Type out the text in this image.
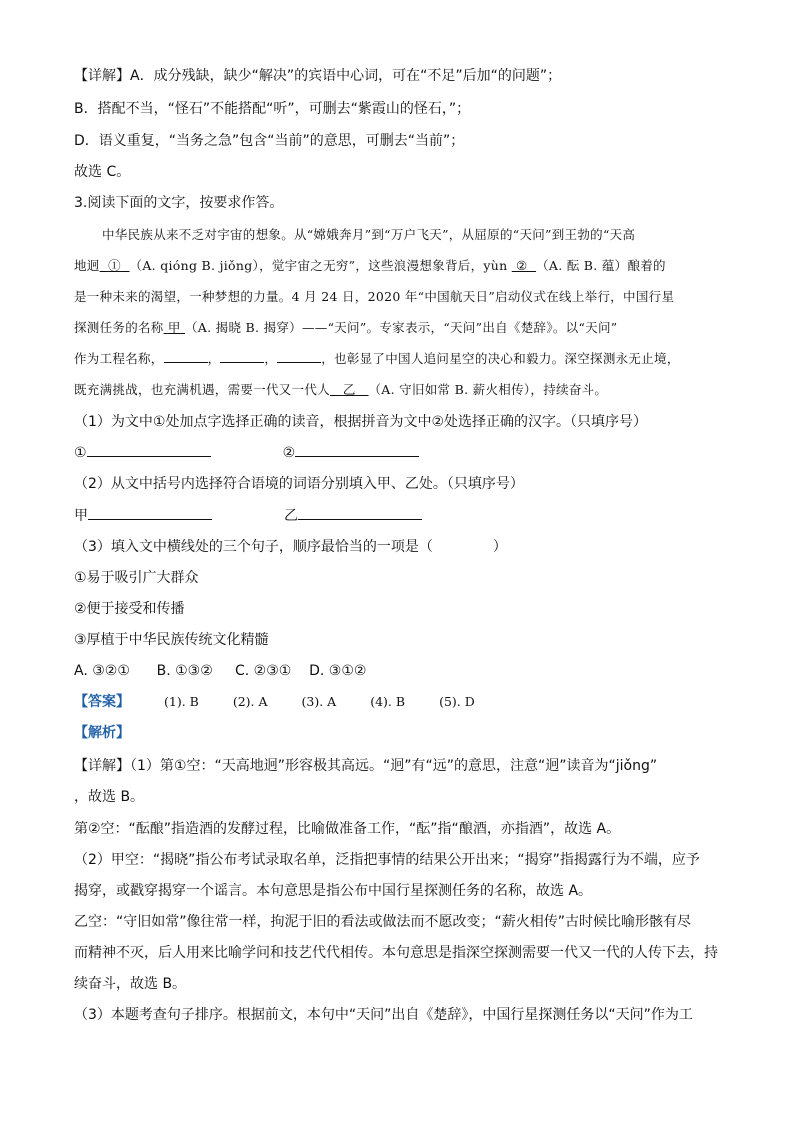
【详解】A．成分残缺，缺少“解决”的宾语中心词，可在“不足”后加“的问题”；
B．搭配不当，“怪石”不能搭配“听”，可删去“紫霞山的怪石，”；
D．语义重复，“当务之急”包含“当前”的意思，可删去“当前”；
故选 C。
3.阅读下面的文字，按要求作答。
中华民族从来不乏对宇宙的想象。从“嫦娥奔月”到“万户飞天”，从屈原的“天问”到王勃的“天高
地迥 ① （A. qióng B. jiǒng），觉宇宙之无穷”，这些浪漫想象背后，yùn ② （A. 酝 B. 蕴）酿着的
是一种未来的渴望，一种梦想的力量。4 月 24 日，2020 年“中国航天日”启动仪式在线上举行，中国行星
探测任务的名称 甲 （A. 揭晓 B. 揭穿）——“天问”。专家表示，“天问”出自《楚辞》。以“天问”
作为工程名称，	，	，	，也彰显了中国人追问星空的决心和毅力。深空探测永无止境，
既充满挑战，也充满机遇，需要一代又一代人 乙 （A. 守旧如常 B. 薪火相传），持续奋斗。
（1）为文中①处加点字选择正确的读音，根据拼音为文中②处选择正确的汉字。（只填序号）
①	②
（2）从文中括号内选择符合语境的词语分别填入甲、乙处。（只填序号）
甲	乙
（3）填入文中横线处的三个句子，顺序最恰当的一项是（	）
①易于吸引广大群众
②便于接受和传播
③厚植于中华民族传统文化精髓
A. ③②①      B. ①③②     C. ②③①    D. ③①②
【答案】	(1). B	(2). A	(3). A	(4). B	(5). D
【解析】
【详解】（1）第①空：“天高地迥”形容极其高远。“迥”有“远”的意思，注意“迥”读音为“jiǒng”
，故选 B。
第②空：“酝酿”指造酒的发酵过程，比喻做准备工作，“酝”指“酿酒，亦指酒”，故选 A。
（2）甲空：“揭晓”指公布考试录取名单，泛指把事情的结果公开出来；“揭穿”指揭露行为不端，应予
揭穿，或戳穿揭穿一个谣言。本句意思是指公布中国行星探测任务的名称，故选 A。
乙空：“守旧如常”像往常一样，拘泥于旧的看法或做法而不愿改变；“薪火相传”古时候比喻形骸有尽
而精神不灭，后人用来比喻学问和技艺代代相传。本句意思是指深空探测需要一代又一代的人传下去，持
续奋斗，故选 B。
（3）本题考查句子排序。根据前文，本句中“天问”出自《楚辞》，中国行星探测任务以“天问”作为工
